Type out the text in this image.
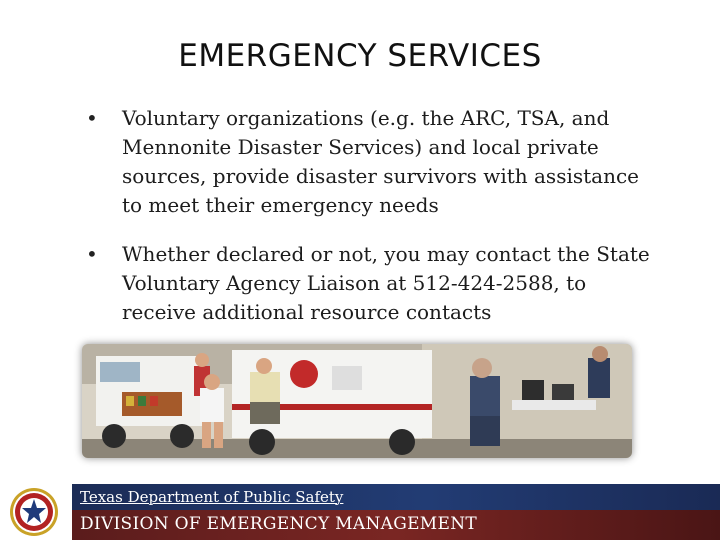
EMERGENCY SERVICES
•	Voluntary organizations (e.g. the ARC, TSA, and Mennonite Disaster Services) and local private sources, provide disaster survivors with assistance to meet their emergency needs
•	Whether declared or not, you may contact the State Voluntary Agency Liaison at 512-424-2588, to receive additional resource contacts
Texas Department of Public Safety
DIVISION OF EMERGENCY MANAGEMENT
